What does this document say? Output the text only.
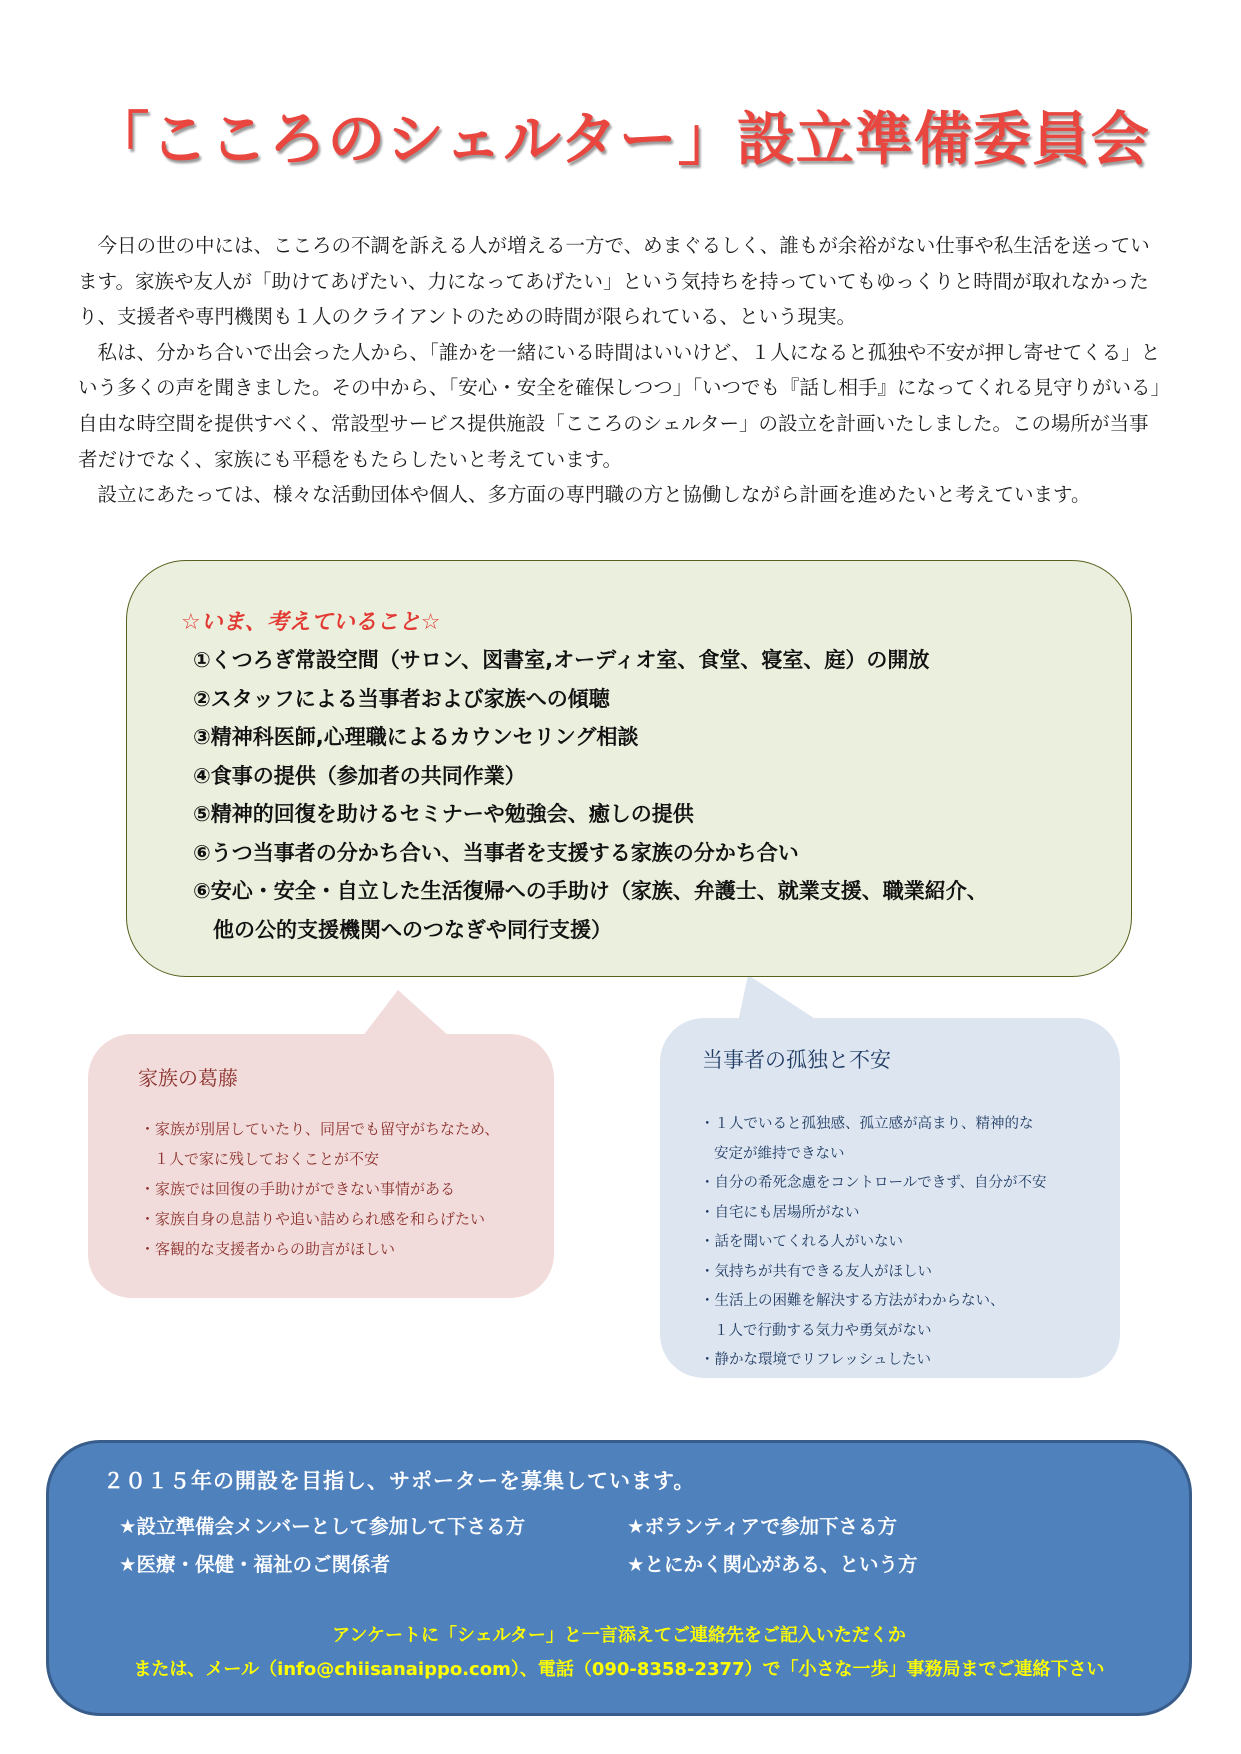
「こころのシェルター」設立準備委員会

今日の世の中には、こころの不調を訴える人が増える一方で、めまぐるしく、誰もが余裕がない仕事や私生活を送っています。家族や友人が「助けてあげたい、力になってあげたい」という気持ちを持っていてもゆっくりと時間が取れなかったり、支援者や専門機関も１人のクライアントのための時間が限られている、という現実。

私は、分かち合いで出会った人から、「誰かを一緒にいる時間はいいけど、１人になると孤独や不安が押し寄せてくる」という多くの声を聞きました。その中から、「安心・安全を確保しつつ」「いつでも『話し相手』になってくれる見守りがいる」自由な時空間を提供すべく、常設型サービス提供施設「こころのシェルター」の設立を計画いたしました。この場所が当事者だけでなく、家族にも平穏をもたらしたいと考えています。

設立にあたっては、様々な活動団体や個人、多方面の専門職の方と協働しながら計画を進めたいと考えています。

☆いま、考えていること☆
①くつろぎ常設空間（サロン、図書室,オーディオ室、食堂、寝室、庭）の開放
②スタッフによる当事者および家族への傾聴
③精神科医師,心理職によるカウンセリング相談
④食事の提供（参加者の共同作業）
⑤精神的回復を助けるセミナーや勉強会、癒しの提供
⑥うつ当事者の分かち合い、当事者を支援する家族の分かち合い
⑥安心・安全・自立した生活復帰への手助け（家族、弁護士、就業支援、職業紹介、
他の公的支援機関へのつなぎや同行支援）
家族の葛藤
・家族が別居していたり、同居でも留守がちなため、
１人で家に残しておくことが不安
・家族では回復の手助けができない事情がある
・家族自身の息詰りや追い詰められ感を和らげたい
・客観的な支援者からの助言がほしい
当事者の孤独と不安
・１人でいると孤独感、孤立感が高まり、精神的な
安定が維持できない
・自分の希死念慮をコントロールできず、自分が不安
・自宅にも居場所がない
・話を聞いてくれる人がいない
・気持ちが共有できる友人がほしい
・生活上の困難を解決する方法がわからない、
１人で行動する気力や勇気がない
・静かな環境でリフレッシュしたい
２０１５年の開設を目指し、サポーターを募集しています。
★設立準備会メンバーとして参加して下さる方	★ボランティアで参加下さる方
★医療・保健・福祉のご関係者	★とにかく関心がある、という方
アンケートに「シェルター」と一言添えてご連絡先をご記入いただくか
または、メール（info@chiisanaippo.com）、電話（090-8358-2377）で「小さな一歩」事務局までご連絡下さい
